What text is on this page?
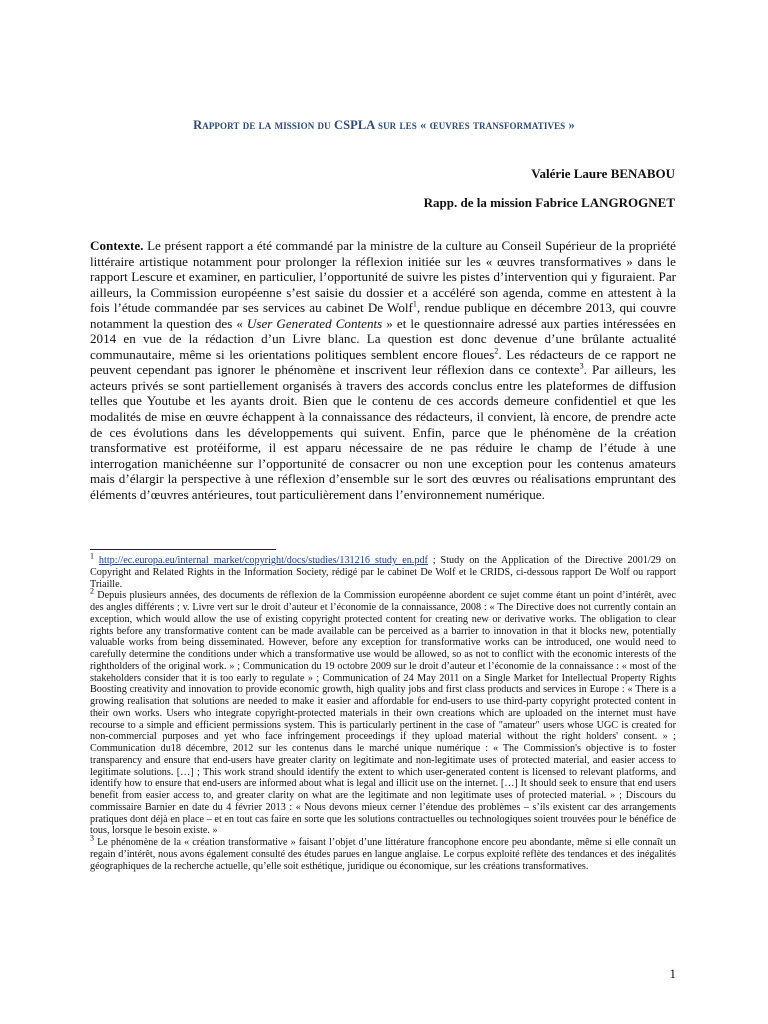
Rapport de la mission du CSPLA sur les « œuvres transformatives »
Valérie Laure BENABOU
Rapp. de la mission Fabrice LANGROGNET
Contexte. Le présent rapport a été commandé par la ministre de la culture au Conseil Supérieur de la propriété littéraire artistique notamment pour prolonger la réflexion initiée sur les « œuvres transformatives » dans le rapport Lescure et examiner, en particulier, l’opportunité de suivre les pistes d’intervention qui y figuraient. Par ailleurs, la Commission européenne s’est saisie du dossier et a accéléré son agenda, comme en attestent à la fois l’étude commandée par ses services au cabinet De Wolf$^1$, rendue publique en décembre 2013, qui couvre notamment la question des « User Generated Contents » et le questionnaire adressé aux parties intéressées en 2014 en vue de la rédaction d’un Livre blanc. La question est donc devenue d’une brûlante actualité communautaire, même si les orientations politiques semblent encore floues$^2$. Les rédacteurs de ce rapport ne peuvent cependant pas ignorer le phénomène et inscrivent leur réflexion dans ce contexte$^3$. Par ailleurs, les acteurs privés se sont partiellement organisés à travers des accords conclus entre les plateformes de diffusion telles que Youtube et les ayants droit. Bien que le contenu de ces accords demeure confidentiel et que les modalités de mise en œuvre échappent à la connaissance des rédacteurs, il convient, là encore, de prendre acte de ces évolutions dans les développements qui suivent. Enfin, parce que le phénomène de la création transformative est protéiforme, il est apparu nécessaire de ne pas réduire le champ de l’étude à une interrogation manichéenne sur l’opportunité de consacrer ou non une exception pour les contenus amateurs mais d’élargir la perspective à une réflexion d’ensemble sur le sort des œuvres ou réalisations empruntant des éléments d’œuvres antérieures, tout particulièrement dans l’environnement numérique.

$^1$ http://ec.europa.eu/internal_market/copyright/docs/studies/131216_study_en.pdf ; Study on the Application of the Directive 2001/29 on Copyright and Related Rights in the Information Society, rédigé par le cabinet De Wolf et le CRIDS, ci-dessous rapport De Wolf ou rapport Triaille.

$^2$ Depuis plusieurs années, des documents de réflexion de la Commission européenne abordent ce sujet comme étant un point d’intérêt, avec des angles différents ; v. Livre vert sur le droit d’auteur et l’économie de la connaissance, 2008 : « The Directive does not currently contain an exception, which would allow the use of existing copyright protected content for creating new or derivative works. The obligation to clear rights before any transformative content can be made available can be perceived as a barrier to innovation in that it blocks new, potentially valuable works from being disseminated. However, before any exception for transformative works can be introduced, one would need to carefully determine the conditions under which a transformative use would be allowed, so as not to conflict with the economic interests of the rightholders of the original work. » ; Communication du 19 octobre 2009 sur le droit d’auteur et l’économie de la connaissance : « most of the stakeholders consider that it is too early to regulate » ; Communication of 24 May 2011 on a Single Market for Intellectual Property Rights Boosting creativity and innovation to provide economic growth, high quality jobs and first class products and services in Europe : « There is a growing realisation that solutions are needed to make it easier and affordable for end-users to use third-party copyright protected content in their own works. Users who integrate copyright-protected materials in their own creations which are uploaded on the internet must have recourse to a simple and efficient permissions system. This is particularly pertinent in the case of "amateur" users whose UGC is created for non-commercial purposes and yet who face infringement proceedings if they upload material without the right holders' consent. » ; Communication du18 décembre, 2012 sur les contenus dans le marché unique numérique : « The Commission's objective is to foster transparency and ensure that end-users have greater clarity on legitimate and non-legitimate uses of protected material, and easier access to legitimate solutions. […] ; This work strand should identify the extent to which user-generated content is licensed to relevant platforms, and identify how to ensure that end-users are informed about what is legal and illicit use on the internet. […] It should seek to ensure that end users benefit from easier access to, and greater clarity on what are the legitimate and non legitimate uses of protected material. » ; Discours du commissaire Barnier en date du 4 février 2013 : « Nous devons mieux cerner l’étendue des problèmes – s’ils existent car des arrangements pratiques dont déjà en place – et en tout cas faire en sorte que les solutions contractuelles ou technologiques soient trouvées pour le bénéfice de tous, lorsque le besoin existe. »

$^3$ Le phénomène de la « création transformative » faisant l’objet d’une littérature francophone encore peu abondante, même si elle connaît un regain d’intérêt, nous avons également consulté des études parues en langue anglaise. Le corpus exploité reflète des tendances et des inégalités géographiques de la recherche actuelle, qu’elle soit esthétique, juridique ou économique, sur les créations transformatives.

1
